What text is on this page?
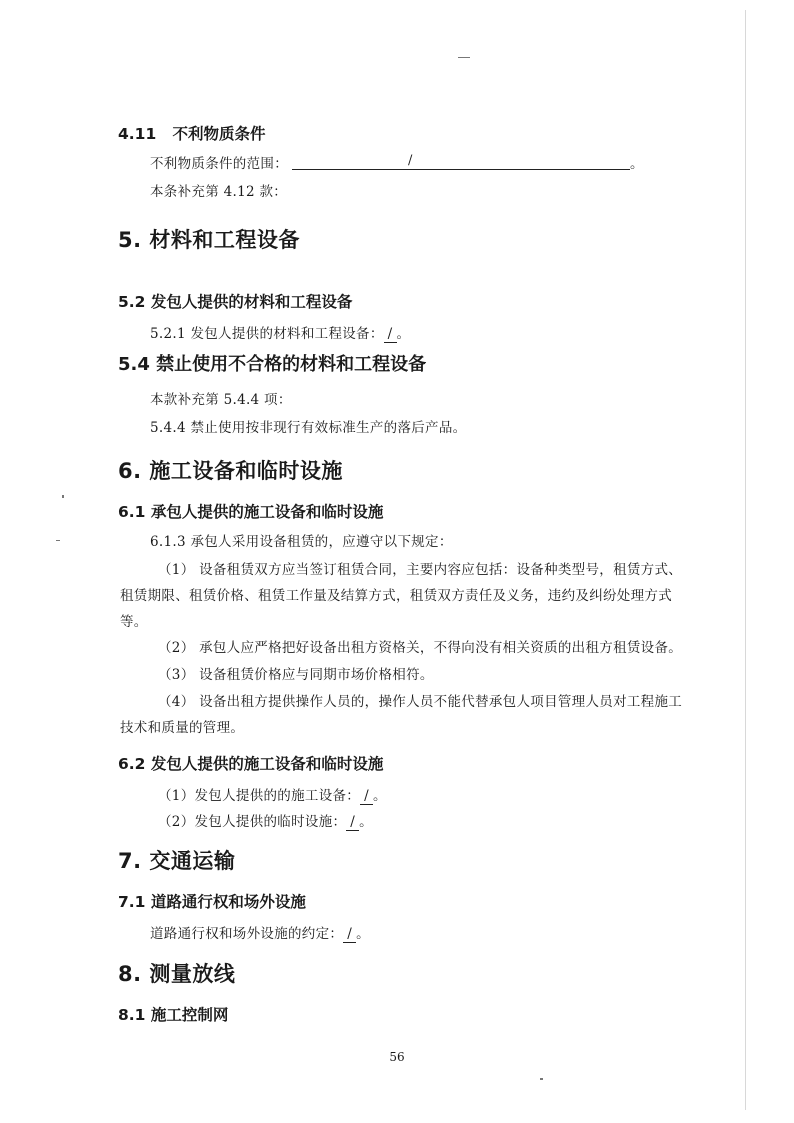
4.11 不利物质条件
不利物质条件的范围：	/	。
本条补充第 4.12 款：
5. 材料和工程设备
5.2 发包人提供的材料和工程设备
5.2.1 发包人提供的材料和工程设备： / 。
5.4 禁止使用不合格的材料和工程设备
本款补充第 5.4.4 项：
5.4.4 禁止使用按非现行有效标准生产的落后产品。
6. 施工设备和临时设施
6.1 承包人提供的施工设备和临时设施
6.1.3 承包人采用设备租赁的，应遵守以下规定：
（1） 设备租赁双方应当签订租赁合同，主要内容应包括：设备种类型号，租赁方式、
租赁期限、租赁价格、租赁工作量及结算方式，租赁双方责任及义务，违约及纠纷处理方式
等。
（2） 承包人应严格把好设备出租方资格关，不得向没有相关资质的出租方租赁设备。
（3） 设备租赁价格应与同期市场价格相符。
（4） 设备出租方提供操作人员的，操作人员不能代替承包人项目管理人员对工程施工
技术和质量的管理。
6.2 发包人提供的施工设备和临时设施
（1）发包人提供的的施工设备： / 。
（2）发包人提供的临时设施： / 。
7. 交通运输
7.1 道路通行权和场外设施
道路通行权和场外设施的约定： / 。
8. 测量放线
8.1 施工控制网
56
